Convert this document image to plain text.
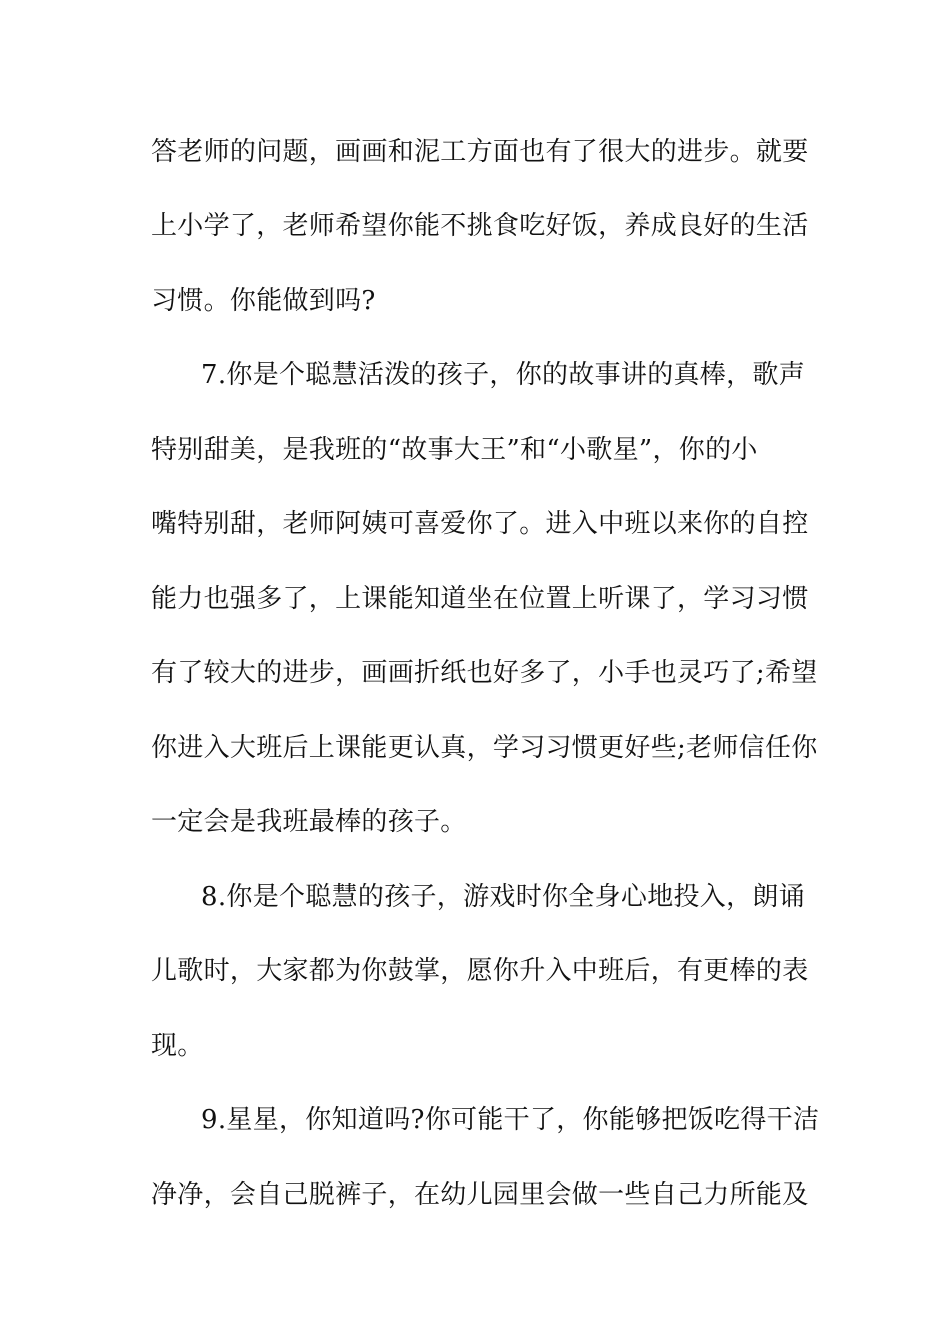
答老师的问题，画画和泥工方面也有了很大的进步。就要
上小学了，老师希望你能不挑食吃好饭，养成良好的生活
习惯。你能做到吗?
7.你是个聪慧活泼的孩子，你的故事讲的真棒，歌声
特别甜美，是我班的“故事大王”和“小歌星”，你的小
嘴特别甜，老师阿姨可喜爱你了。进入中班以来你的自控
能力也强多了，上课能知道坐在位置上听课了，学习习惯
有了较大的进步，画画折纸也好多了，小手也灵巧了;希望
你进入大班后上课能更认真，学习习惯更好些;老师信任你
一定会是我班最棒的孩子。
8.你是个聪慧的孩子，游戏时你全身心地投入，朗诵
儿歌时，大家都为你鼓掌，愿你升入中班后，有更棒的表
现。
9.星星，你知道吗?你可能干了，你能够把饭吃得干洁
净净，会自己脱裤子，在幼儿园里会做一些自己力所能及
